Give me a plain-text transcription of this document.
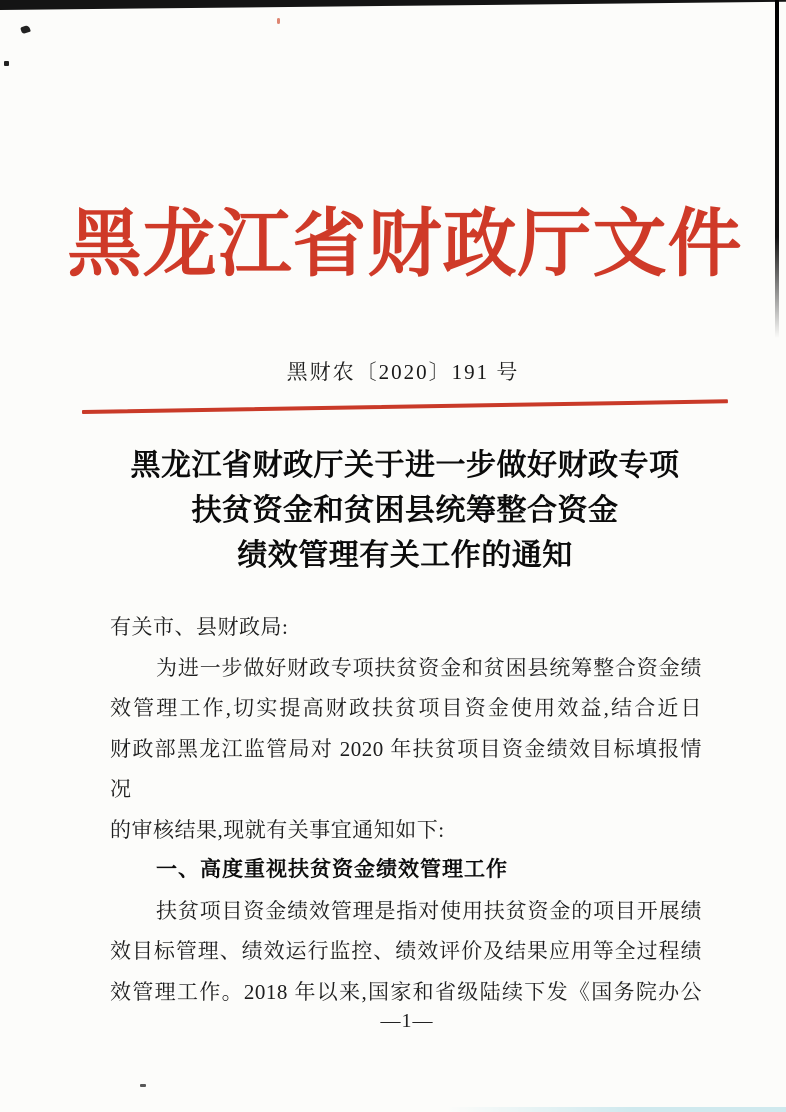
黑龙江省财政厅文件
黑财农〔2020〕191 号
黑龙江省财政厅关于进一步做好财政专项
扶贫资金和贫困县统筹整合资金
绩效管理有关工作的通知
有关市、县财政局:
为进一步做好财政专项扶贫资金和贫困县统筹整合资金绩
效管理工作,切实提高财政扶贫项目资金使用效益,结合近日
财政部黑龙江监管局对 2020 年扶贫项目资金绩效目标填报情况
的审核结果,现就有关事宜通知如下:
一、高度重视扶贫资金绩效管理工作
扶贫项目资金绩效管理是指对使用扶贫资金的项目开展绩
效目标管理、绩效运行监控、绩效评价及结果应用等全过程绩
效管理工作。2018 年以来,国家和省级陆续下发《国务院办公
—1—
